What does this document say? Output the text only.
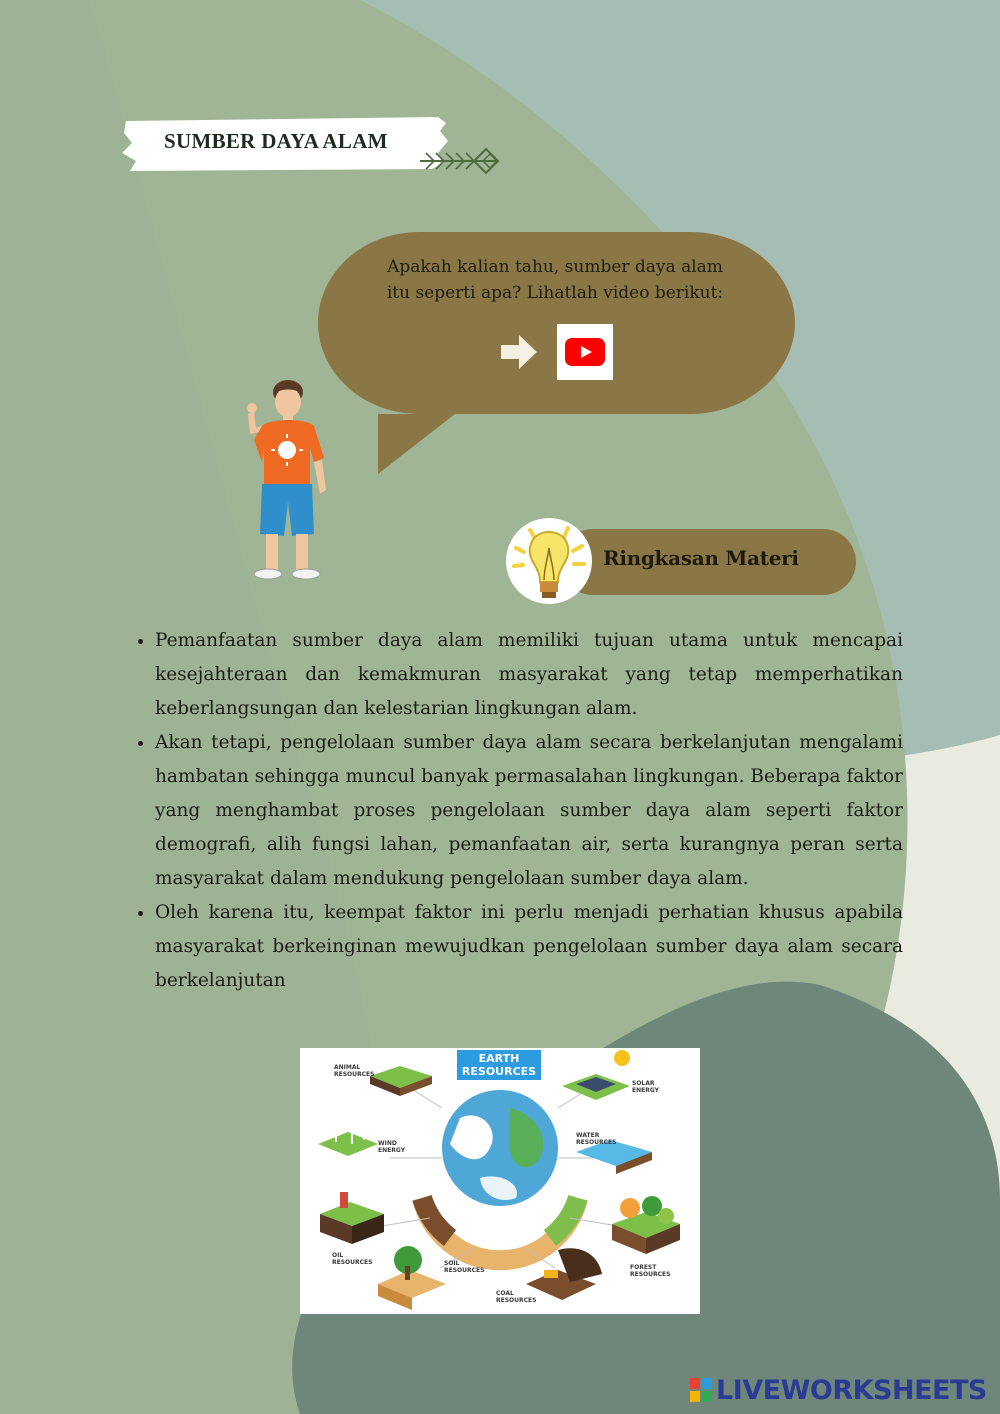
SUMBER DAYA ALAM
Apakah kalian tahu, sumber daya alam
itu seperti apa? Lihatlah video berikut:
Ringkasan Materi
• Pemanfaatan sumber daya alam memiliki tujuan utama untuk mencapai kesejahteraan dan kemakmuran masyarakat yang tetap memperhatikan keberlangsungan dan kelestarian lingkungan alam.
• Akan tetapi, pengelolaan sumber daya alam secara berkelanjutan mengalami hambatan sehingga muncul banyak permasalahan lingkungan. Beberapa faktor yang menghambat proses pengelolaan sumber daya alam seperti faktor demografi, alih fungsi lahan, pemanfaatan air, serta kurangnya peran serta masyarakat dalam mendukung pengelolaan sumber daya alam.
• Oleh karena itu, keempat faktor ini perlu menjadi perhatian khusus apabila masyarakat berkeinginan mewujudkan pengelolaan sumber daya alam secara berkelanjutan
EARTH
RESOURCES
ANIMAL RESOURCES
SOLAR ENERGY
WIND ENERGY
WATER RESOURCES
OIL RESOURCES	SOIL RESOURCES
COAL RESOURCES
FOREST RESOURCES
LIVEWORKSHEETS
